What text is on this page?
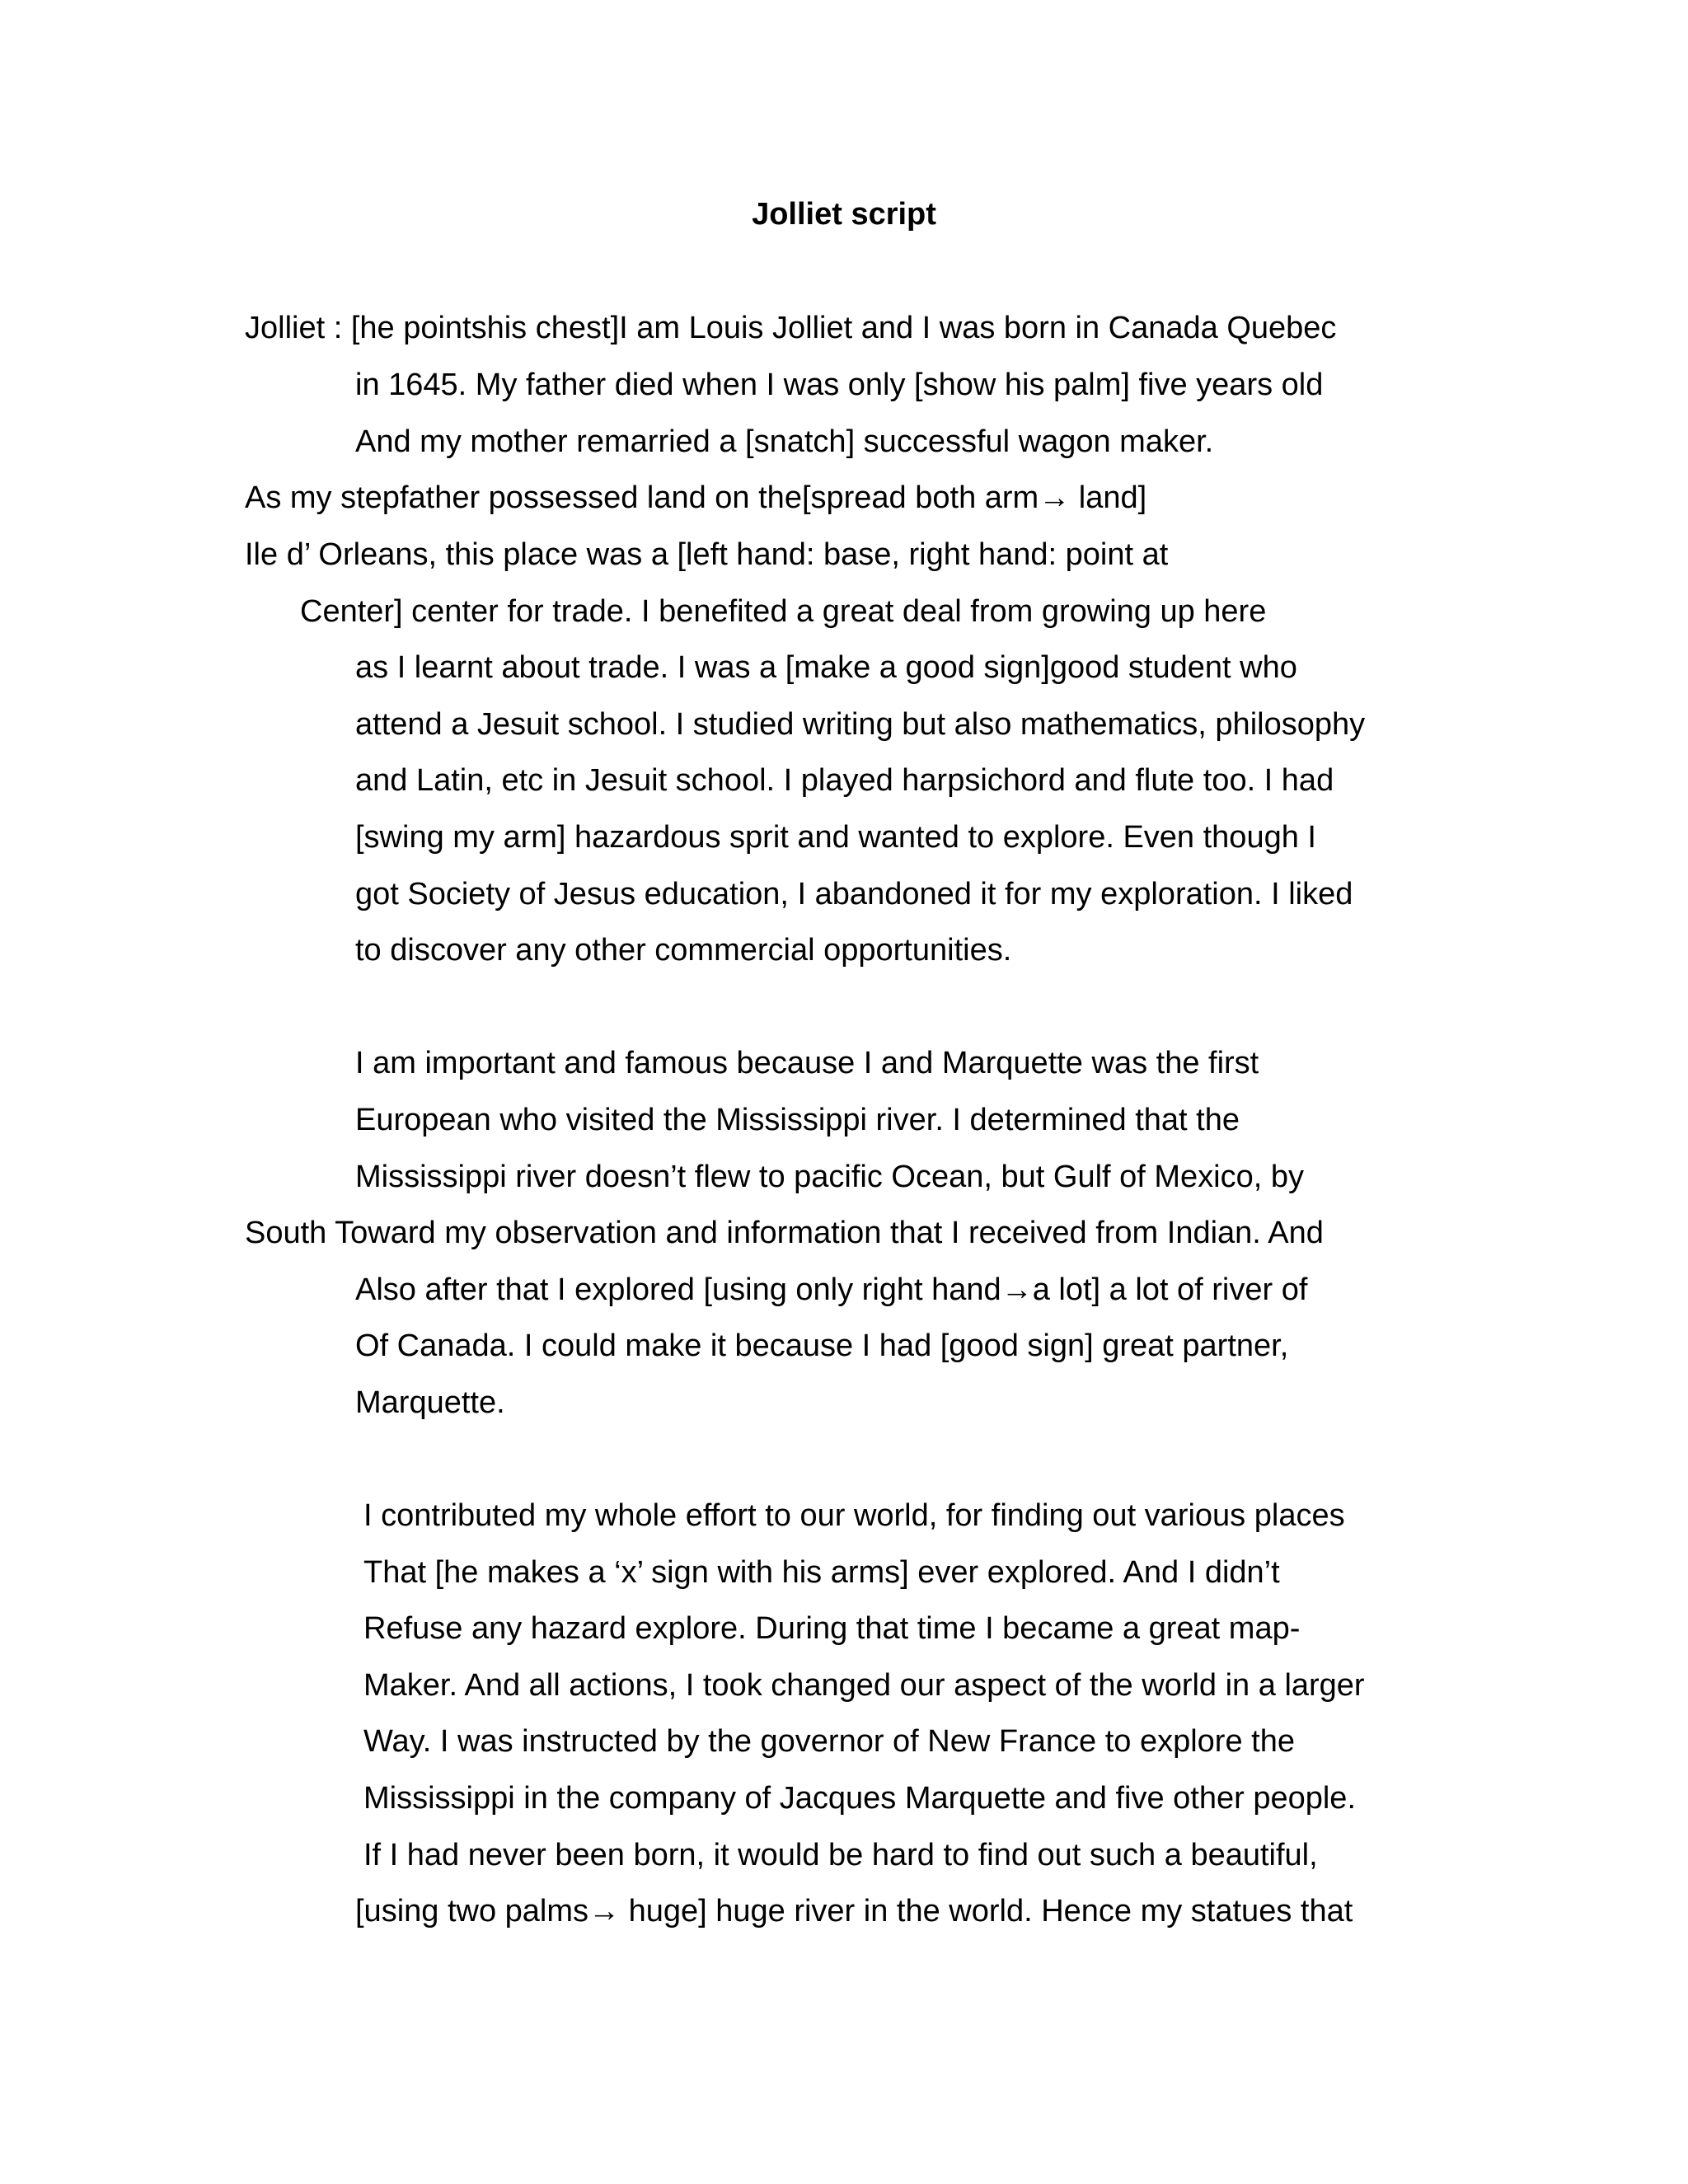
Jolliet script
Jolliet : [he pointshis chest]I am Louis Jolliet and I was born in Canada Quebec
in 1645. My father died when I was only [show his palm] five years old
And my mother remarried a [snatch] successful wagon maker.
As my stepfather possessed land on the[spread both arm→ land]
Ile d’ Orleans, this place was a [left hand: base, right hand: point at
Center] center for trade. I benefited a great deal from growing up here
as I learnt about trade. I was a [make a good sign]good student who
attend a Jesuit school. I studied writing but also mathematics, philosophy
and Latin, etc in Jesuit school. I played harpsichord and flute too. I had
[swing my arm] hazardous sprit and wanted to explore. Even though I
got Society of Jesus education, I abandoned it for my exploration. I liked
to discover any other commercial opportunities.
I am important and famous because I and Marquette was the first
European who visited the Mississippi river. I determined that the
Mississippi river doesn’t flew to pacific Ocean, but Gulf of Mexico, by
South Toward my observation and information that I received from Indian. And
Also after that I explored [using only right hand→a lot] a lot of river of
Of Canada. I could make it because I had [good sign] great partner,
Marquette.
I contributed my whole effort to our world, for finding out various places
That [he makes a ‘x’ sign with his arms] ever explored. And I didn’t
Refuse any hazard explore. During that time I became a great map-
Maker. And all actions, I took changed our aspect of the world in a larger
Way. I was instructed by the governor of New France to explore the
Mississippi in the company of Jacques Marquette and five other people.
If I had never been born, it would be hard to find out such a beautiful,
[using two palms→ huge] huge river in the world. Hence my statues that
